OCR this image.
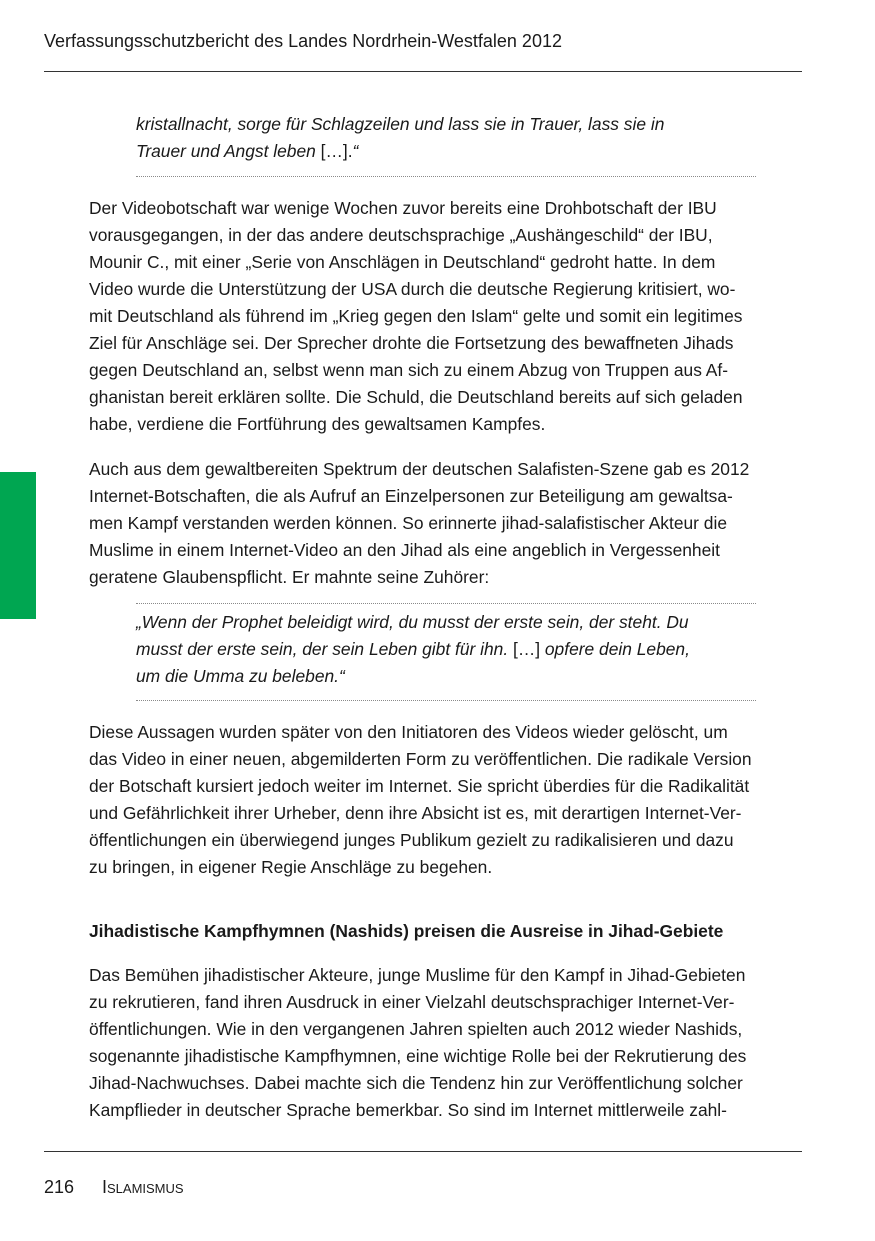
Verfassungsschutzbericht des Landes Nordrhein-Westfalen 2012
kristallnacht, sorge für Schlagzeilen und lass sie in Trauer, lass sie in
Trauer und Angst leben […].“
Der Videobotschaft war wenige Wochen zuvor bereits eine Drohbotschaft der IBU
vorausgegangen, in der das andere deutschsprachige „Aushängeschild“ der IBU,
Mounir C., mit einer „Serie von Anschlägen in Deutschland“ gedroht hatte. In dem
Video wurde die Unterstützung der USA durch die deutsche Regierung kritisiert, wo-
mit Deutschland als führend im „Krieg gegen den Islam“ gelte und somit ein legitimes
Ziel für Anschläge sei. Der Sprecher drohte die Fortsetzung des bewaffneten Jihads
gegen Deutschland an, selbst wenn man sich zu einem Abzug von Truppen aus Af-
ghanistan bereit erklären sollte. Die Schuld, die Deutschland bereits auf sich geladen
habe, verdiene die Fortführung des gewaltsamen Kampfes.
Auch aus dem gewaltbereiten Spektrum der deutschen Salafisten-Szene gab es 2012
Internet-Botschaften, die als Aufruf an Einzelpersonen zur Beteiligung am gewaltsa-
men Kampf verstanden werden können. So erinnerte jihad-salafistischer Akteur die
Muslime in einem Internet-Video an den Jihad als eine angeblich in Vergessenheit
geratene Glaubenspflicht. Er mahnte seine Zuhörer:
„Wenn der Prophet beleidigt wird, du musst der erste sein, der steht. Du
musst der erste sein, der sein Leben gibt für ihn. […] opfere dein Leben,
um die Umma zu beleben.“
Diese Aussagen wurden später von den Initiatoren des Videos wieder gelöscht, um
das Video in einer neuen, abgemilderten Form zu veröffentlichen. Die radikale Version
der Botschaft kursiert jedoch weiter im Internet. Sie spricht überdies für die Radikalität
und Gefährlichkeit ihrer Urheber, denn ihre Absicht ist es, mit derartigen Internet-Ver-
öffentlichungen ein überwiegend junges Publikum gezielt zu radikalisieren und dazu
zu bringen, in eigener Regie Anschläge zu begehen.
Jihadistische Kampfhymnen (Nashids) preisen die Ausreise in Jihad-Gebiete
Das Bemühen jihadistischer Akteure, junge Muslime für den Kampf in Jihad-Gebieten
zu rekrutieren, fand ihren Ausdruck in einer Vielzahl deutschsprachiger Internet-Ver-
öffentlichungen. Wie in den vergangenen Jahren spielten auch 2012 wieder Nashids,
sogenannte jihadistische Kampfhymnen, eine wichtige Rolle bei der Rekrutierung des
Jihad-Nachwuchses. Dabei machte sich die Tendenz hin zur Veröffentlichung solcher
Kampflieder in deutscher Sprache bemerkbar. So sind im Internet mittlerweile zahl-
216 Islamismus
